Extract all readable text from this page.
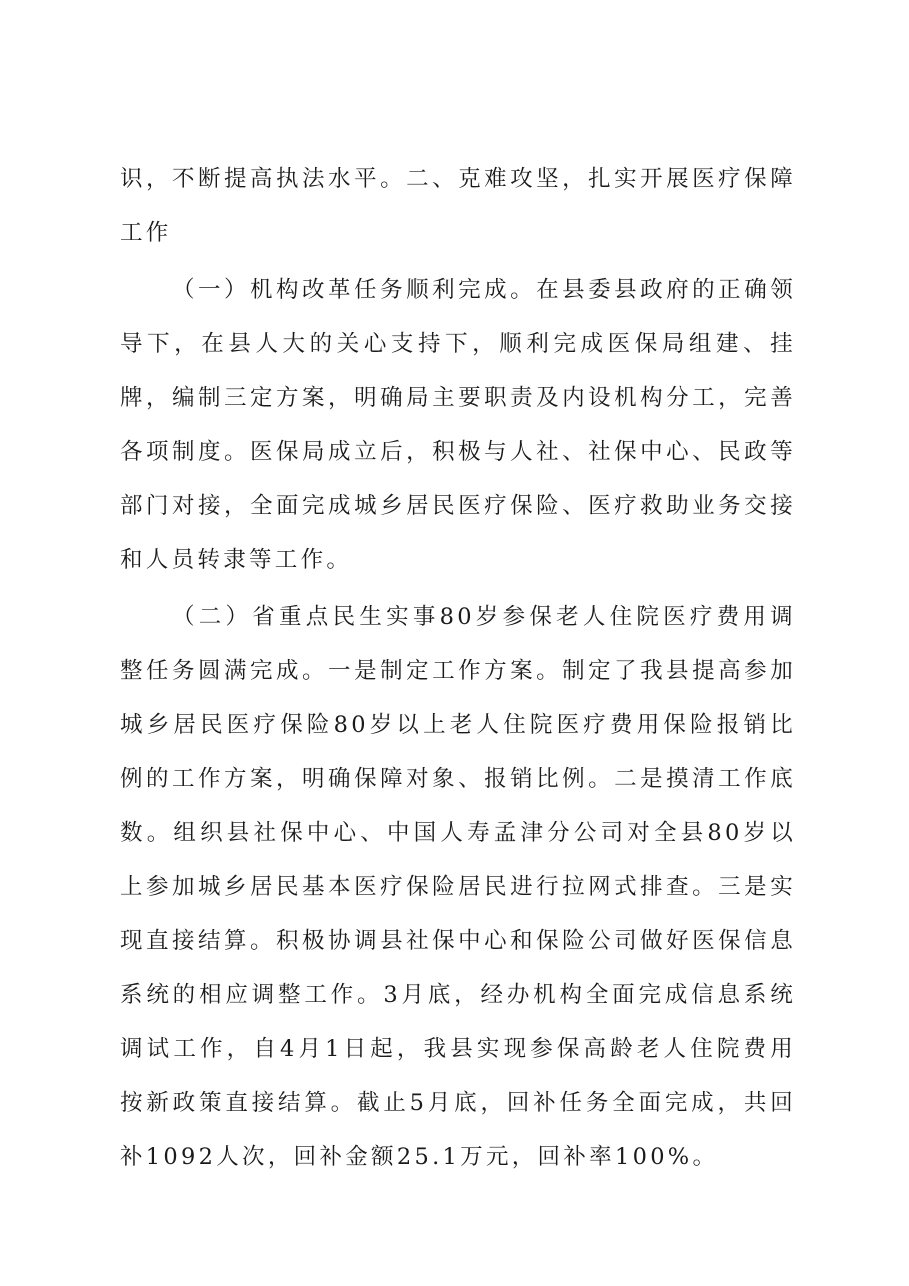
识，不断提高执法水平。二、克难攻坚，扎实开展医疗保障工作

（一）机构改革任务顺利完成。在县委县政府的正确领导下，在县人大的关心支持下，顺利完成医保局组建、挂牌，编制三定方案，明确局主要职责及内设机构分工，完善各项制度。医保局成立后，积极与人社、社保中心、民政等部门对接，全面完成城乡居民医疗保险、医疗救助业务交接和人员转隶等工作。

（二）省重点民生实事80岁参保老人住院医疗费用调整任务圆满完成。一是制定工作方案。制定了我县提高参加城乡居民医疗保险80岁以上老人住院医疗费用保险报销比例的工作方案，明确保障对象、报销比例。二是摸清工作底数。组织县社保中心、中国人寿孟津分公司对全县80岁以上参加城乡居民基本医疗保险居民进行拉网式排查。三是实现直接结算。积极协调县社保中心和保险公司做好医保信息系统的相应调整工作。3月底，经办机构全面完成信息系统调试工作，自4月1日起，我县实现参保高龄老人住院费用按新政策直接结算。截止5月底，回补任务全面完成，共回补1092人次，回补金额25.1万元，回补率100%。
